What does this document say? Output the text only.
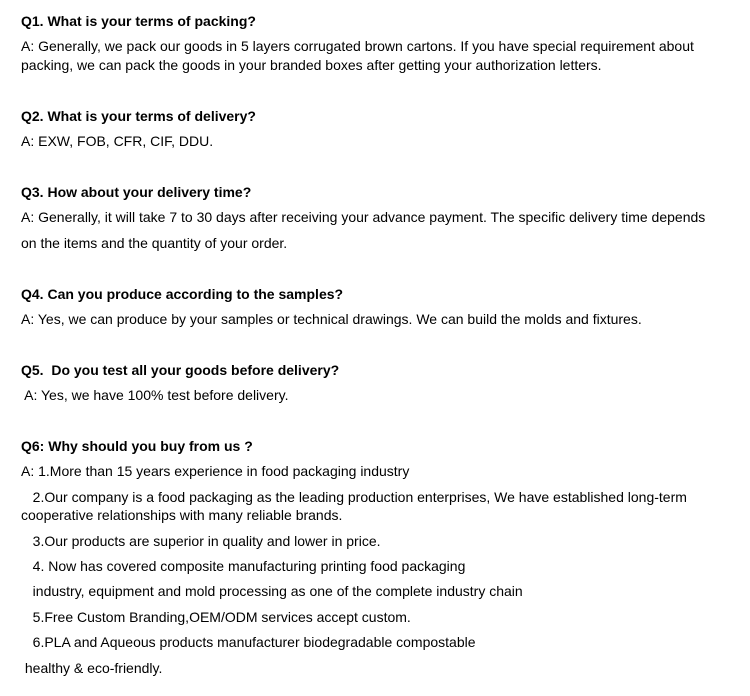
Q1. What is your terms of packing?
A: Generally, we pack our goods in 5 layers corrugated brown cartons. If you have special requirement about
packing, we can pack the goods in your branded boxes after getting your authorization letters.
Q2. What is your terms of delivery?
A: EXW, FOB, CFR, CIF, DDU.
Q3. How about your delivery time?
A: Generally, it will take 7 to 30 days after receiving your advance payment. The specific delivery time depends
on the items and the quantity of your order.
Q4. Can you produce according to the samples?
A: Yes, we can produce by your samples or technical drawings. We can build the molds and fixtures.
Q5.  Do you test all your goods before delivery?
A: Yes, we have 100% test before delivery.
Q6: Why should you buy from us ?
A: 1.More than 15 years experience in food packaging industry
2.Our company is a food packaging as the leading production enterprises, We have established long-term
cooperative relationships with many reliable brands.
3.Our products are superior in quality and lower in price.
4. Now has covered composite manufacturing printing food packaging
industry, equipment and mold processing as one of the complete industry chain
5.Free Custom Branding,OEM/ODM services accept custom.
6.PLA and Aqueous products manufacturer biodegradable compostable
healthy & eco-friendly.
